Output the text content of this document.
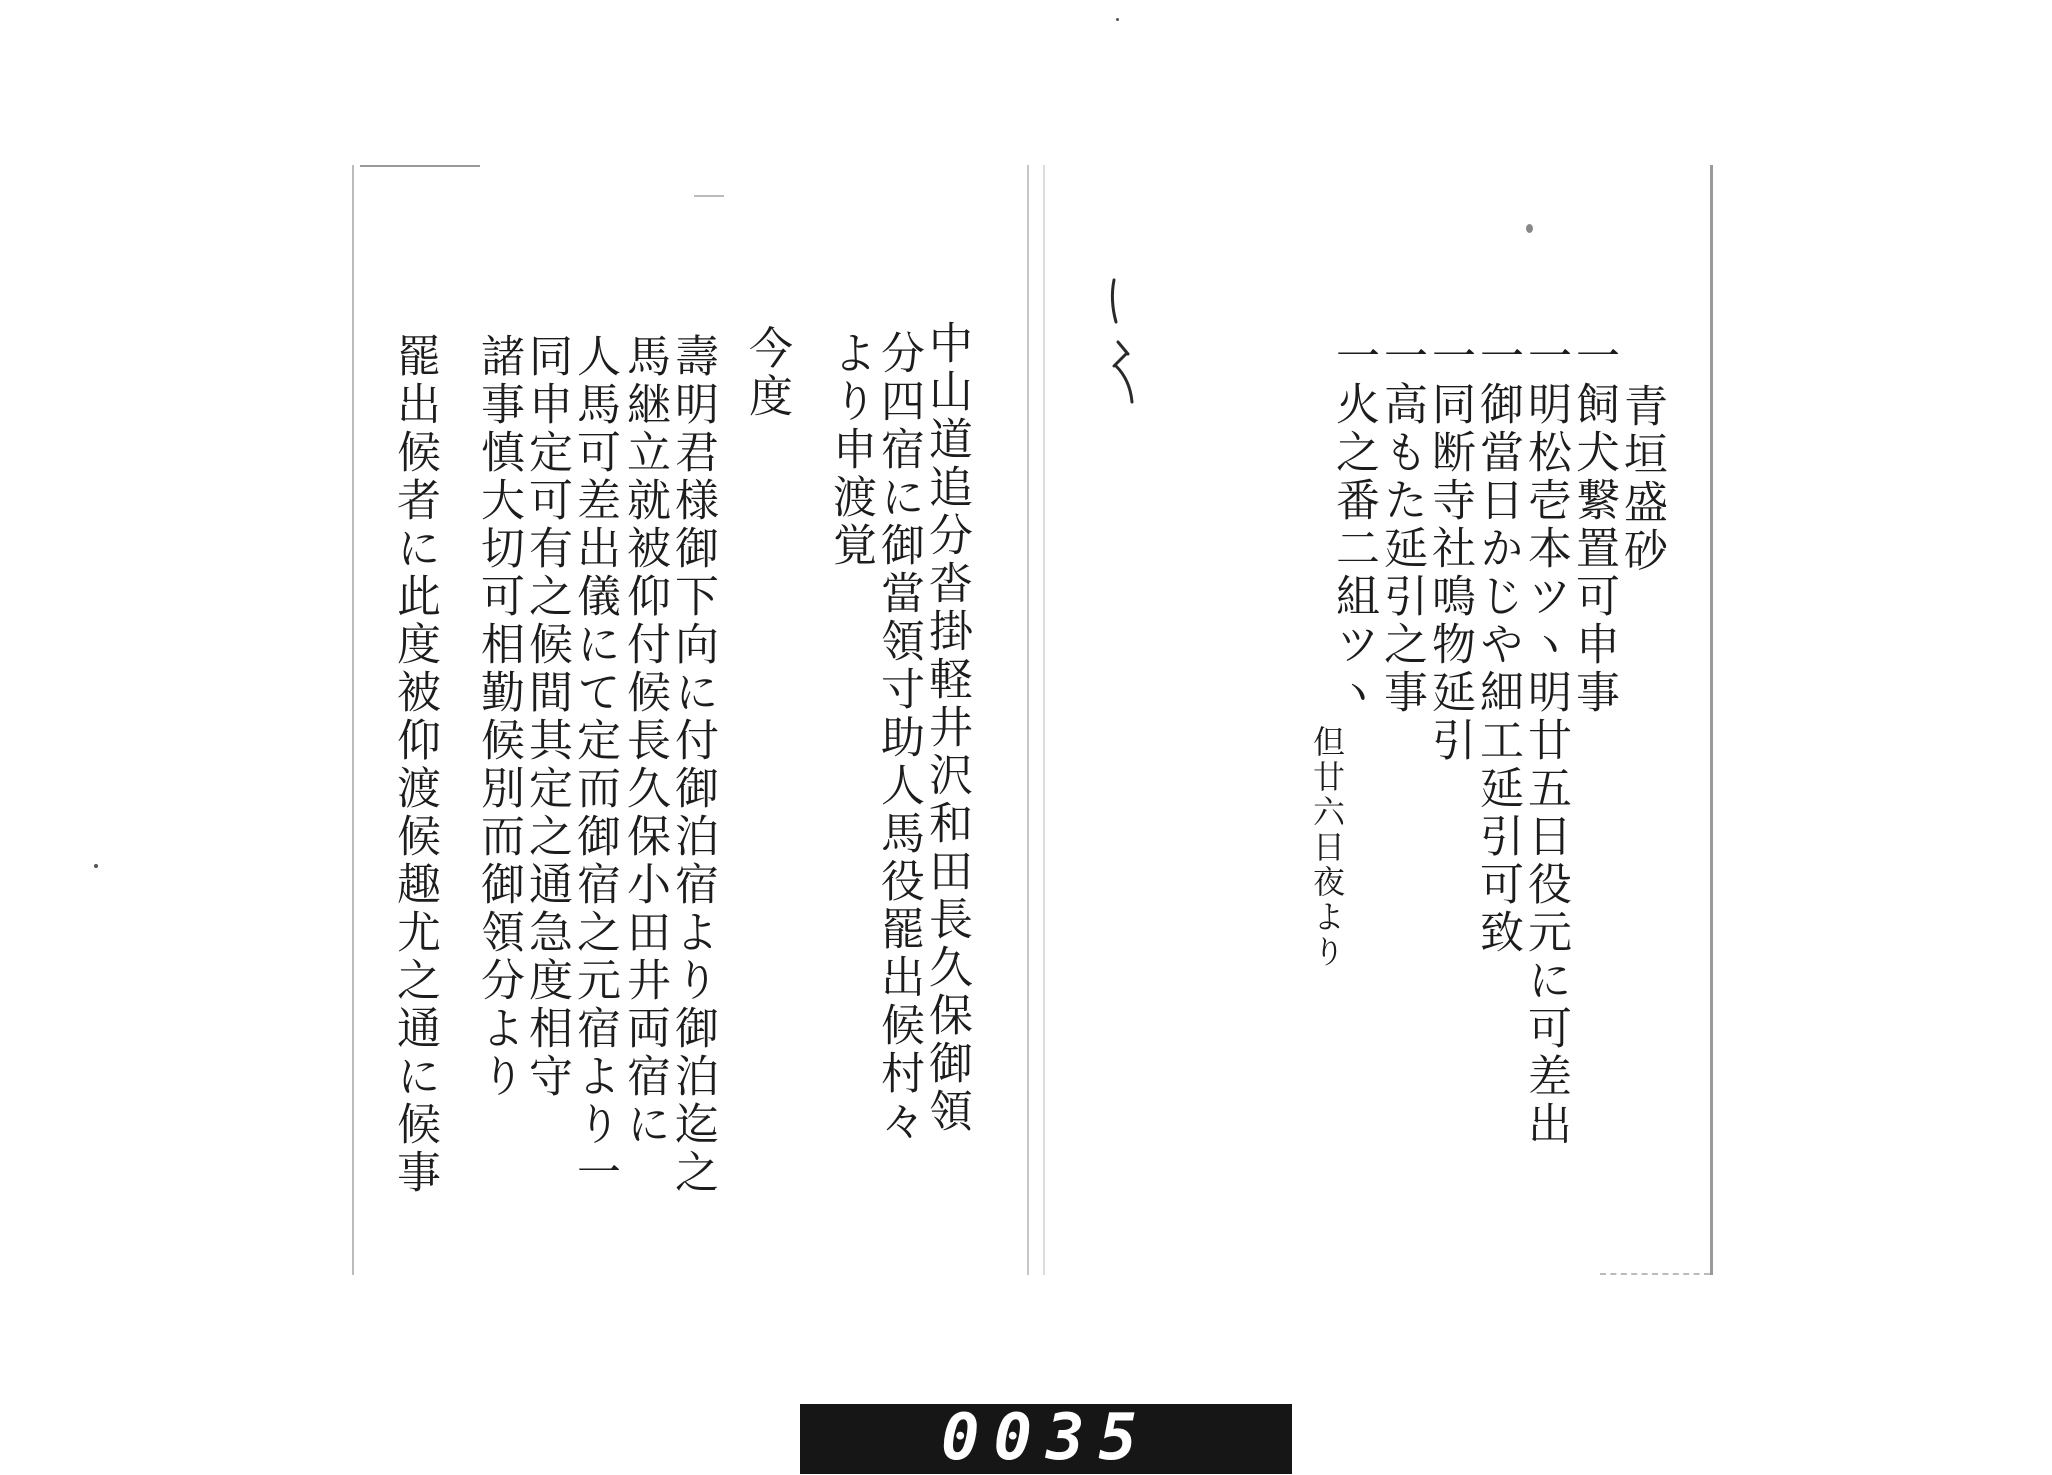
中山道追分沓掛軽井沢和田長久保御領
分四宿に御當領寸助人馬役罷出候村々
より申渡覚
今度
壽明君様御下向に付御泊宿より御泊迄之
馬継立就被仰付候長久保小田井両宿に
人馬可差出儀にて定而御宿之元宿より一
同申定可有之候間其定之通急度相守
諸事慎大切可相勤候別而御領分より
罷出候者に此度被仰渡候趣尤之通に候事	青垣盛砂
一飼犬繋置可申事
一明松壱本ツヽ明廿五日役元に可差出
一御當日かじや細工延引可致
一同断寺社鳴物延引
一高もた延引之事
一火之番二組ツヽ
但廿六日夜より
0035
